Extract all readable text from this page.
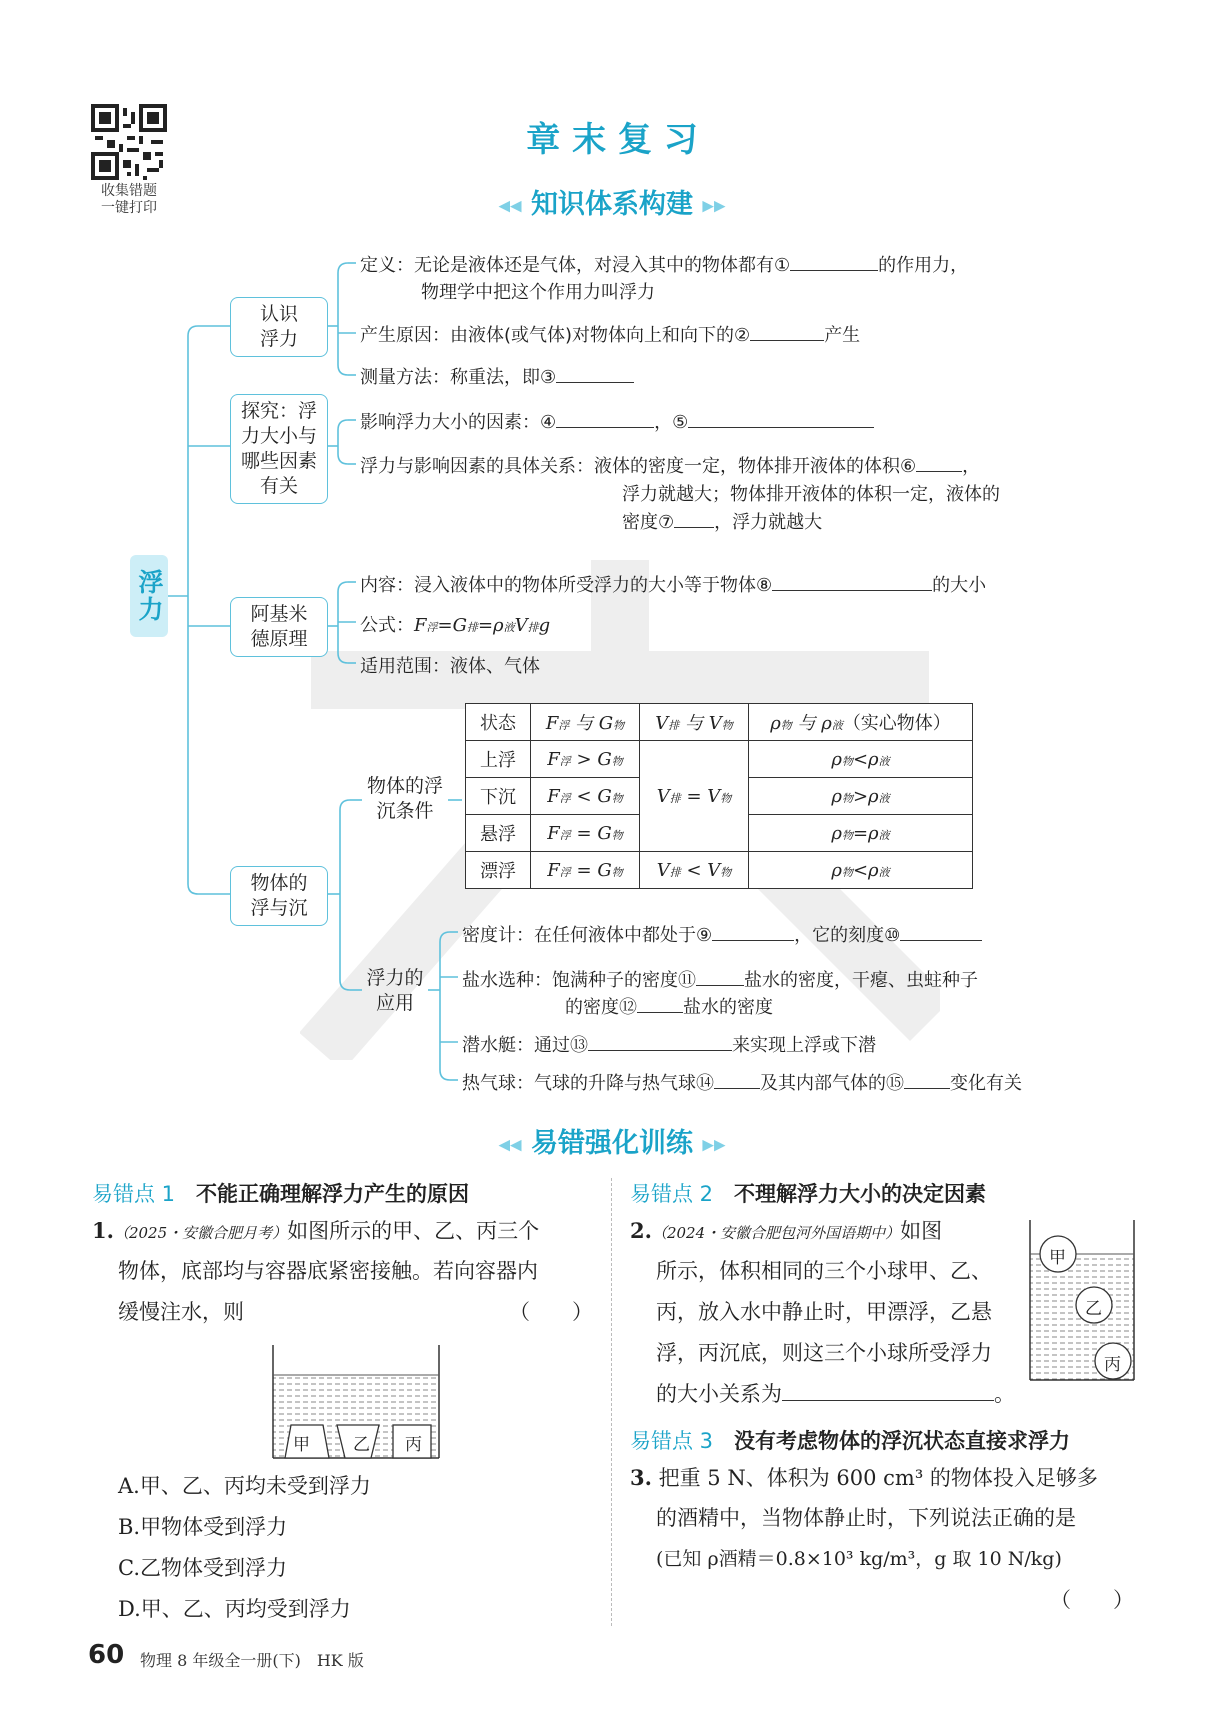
收集错题
一键打印
章 末 复 习
◀◀ 知识体系构建 ▶▶
浮力
认识
浮力
探究：浮
力大小与
哪些因素
有关
阿基米
德原理
物体的
浮与沉
物体的浮
沉条件
浮力的
应用
定义：无论是液体还是气体，对浸入其中的物体都有①	的作用力，
物理学中把这个作用力叫浮力
产生原因：由液体(或气体)对物体向上和向下的②	产生
测量方法：称重法，即③
影响浮力大小的因素：④	，⑤
浮力与影响因素的具体关系：液体的密度一定，物体排开液体的体积⑥	，
浮力就越大；物体排开液体的体积一定，液体的
密度⑦ ，浮力就越大
内容：浸入液体中的物体所受浮力的大小等于物体⑧	的大小
公式：F浮=G排=ρ液V排g
适用范围：液体、气体
状态	F浮 与 G物	V排 与 V物	ρ物 与 ρ液（实心物体）
上浮	F浮 > G物	V排 = V物	ρ物<ρ液
下沉	F浮 < G物		ρ物>ρ液
悬浮	F浮 = G物		ρ物=ρ液
漂浮	F浮 = G物	V排 < V物	ρ物<ρ液
密度计：在任何液体中都处于⑨	，它的刻度⑩
盐水选种：饱满种子的密度⑪	盐水的密度，干瘪、虫蛀种子
的密度⑫	盐水的密度
潜水艇：通过⑬	来实现上浮或下潜
热气球：气球的升降与热气球⑭	及其内部气体的⑮	变化有关
◀◀ 易错强化训练 ▶▶
易错点 1　 不能正确理解浮力产生的原因
1.（2025・安徽合肥月考）如图所示的甲、乙、丙三个
物体，底部均与容器底紧密接触。若向容器内
缓慢注水，则	（　　）
甲	乙 丙
A.甲、乙、丙均未受到浮力
B.甲物体受到浮力
C.乙物体受到浮力
D.甲、乙、丙均受到浮力
易错点 2　 不理解浮力大小的决定因素
2.（2024・安徽合肥包河外国语期中）如图
所示，体积相同的三个小球甲、乙、
丙，放入水中静止时，甲漂浮，乙悬
浮，丙沉底，则这三个小球所受浮力
的大小关系为	。
甲
乙
丙
易错点 3　 没有考虑物体的浮沉状态直接求浮力
3. 把重 5 N、体积为 600 cm³ 的物体投入足够多
的酒精中，当物体静止时，下列说法正确的是
(已知 ρ酒精＝0.8×10³ kg/m³，g 取 10 N/kg)
（　　）
60 物理 8 年级全一册(下)　HK 版
